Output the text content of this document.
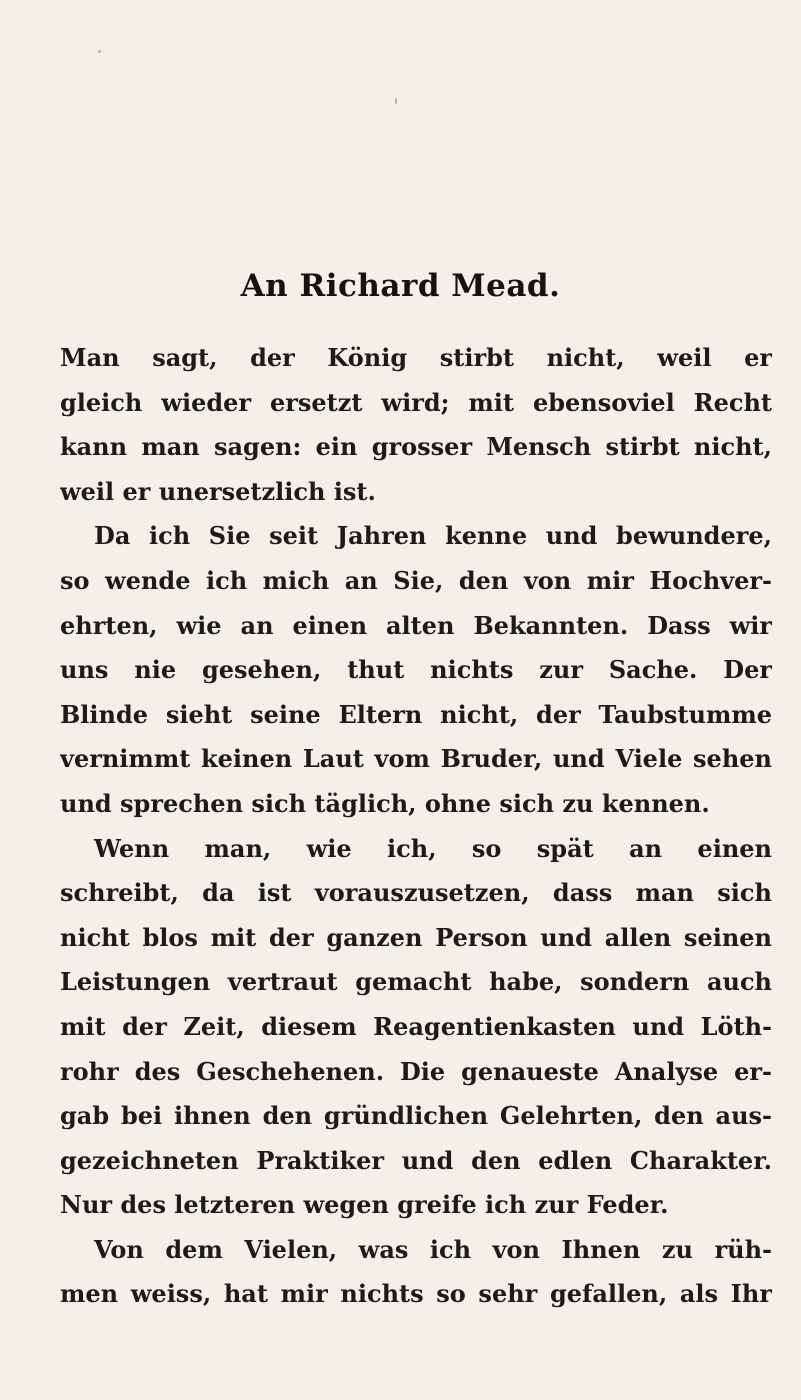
An Richard Mead.
Man sagt, der König stirbt nicht, weil er
gleich wieder ersetzt wird; mit ebensoviel Recht
kann man sagen: ein grosser Mensch stirbt nicht,
weil er unersetzlich ist.
Da ich Sie seit Jahren kenne und bewundere,
so wende ich mich an Sie, den von mir Hochver-
ehrten, wie an einen alten Bekannten. Dass wir
uns nie gesehen, thut nichts zur Sache. Der
Blinde sieht seine Eltern nicht, der Taubstumme
vernimmt keinen Laut vom Bruder, und Viele sehen
und sprechen sich täglich, ohne sich zu kennen.
Wenn man, wie ich, so spät an einen
schreibt, da ist vorauszusetzen, dass man sich
nicht blos mit der ganzen Person und allen seinen
Leistungen vertraut gemacht habe, sondern auch
mit der Zeit, diesem Reagentienkasten und Löth-
rohr des Geschehenen. Die genaueste Analyse er-
gab bei ihnen den gründlichen Gelehrten, den aus-
gezeichneten Praktiker und den edlen Charakter.
Nur des letzteren wegen greife ich zur Feder.
Von dem Vielen, was ich von Ihnen zu rüh-
men weiss, hat mir nichts so sehr gefallen, als Ihr
